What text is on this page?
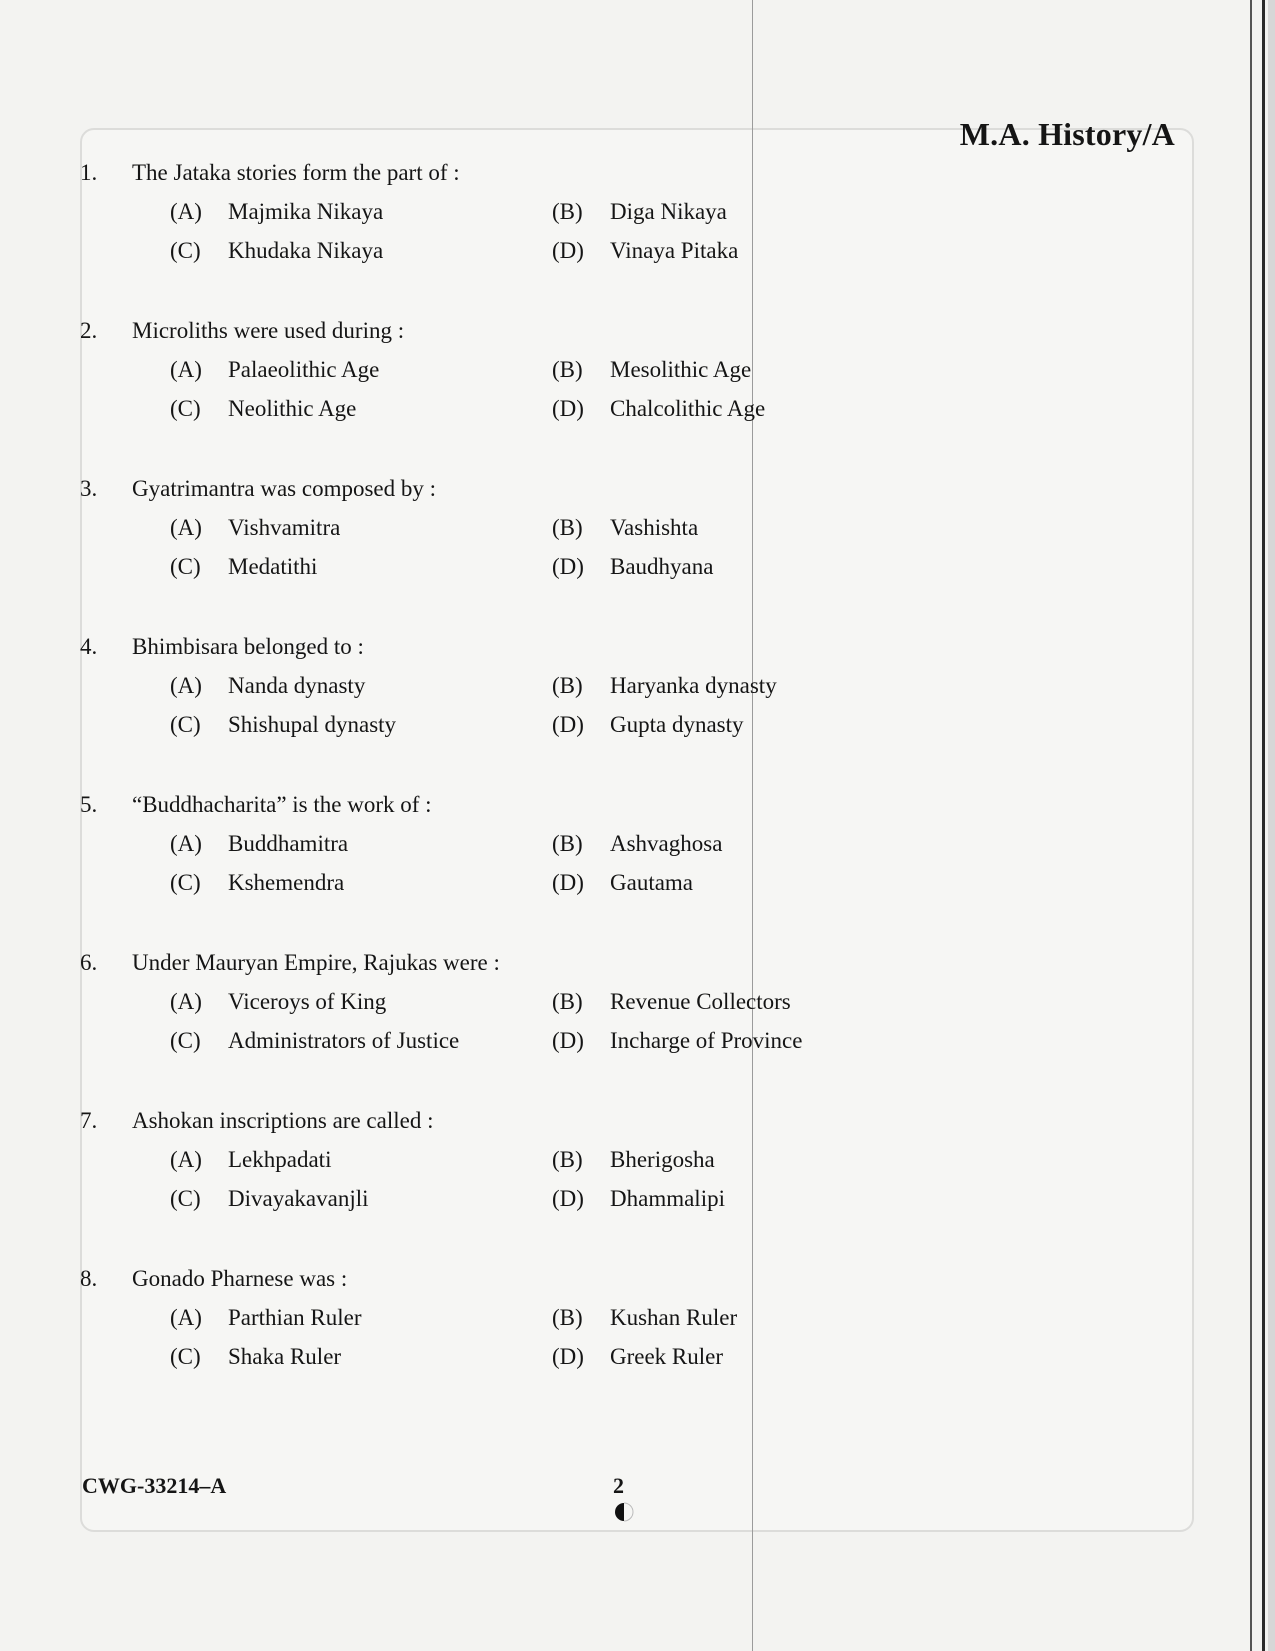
M.A. History/A
1. The Jataka stories form the part of :
(A) Majmika Nikaya	(B) Diga Nikaya
(C) Khudaka Nikaya	(D) Vinaya Pitaka
2. Microliths were used during :
(A) Palaeolithic Age	(B) Mesolithic Age
(C) Neolithic Age	(D) Chalcolithic Age
3. Gyatrimantra was composed by :
(A) Vishvamitra	(B) Vashishta
(C) Medatithi	(D) Baudhyana
4. Bhimbisara belonged to :
(A) Nanda dynasty	(B) Haryanka dynasty
(C) Shishupal dynasty	(D) Gupta dynasty
5. “Buddhacharita” is the work of :
(A) Buddhamitra	(B) Ashvaghosa
(C) Kshemendra	(D) Gautama
6. Under Mauryan Empire, Rajukas were :
(A) Viceroys of King	(B) Revenue Collectors
(C) Administrators of Justice	(D) Incharge of Province
7. Ashokan inscriptions are called :
(A) Lekhpadati	(B) Bherigosha
(C) Divayakavanjli	(D) Dhammalipi
8. Gonado Pharnese was :
(A) Parthian Ruler	(B) Kushan Ruler
(C) Shaka Ruler	(D) Greek Ruler
CWG-33214–A	2
